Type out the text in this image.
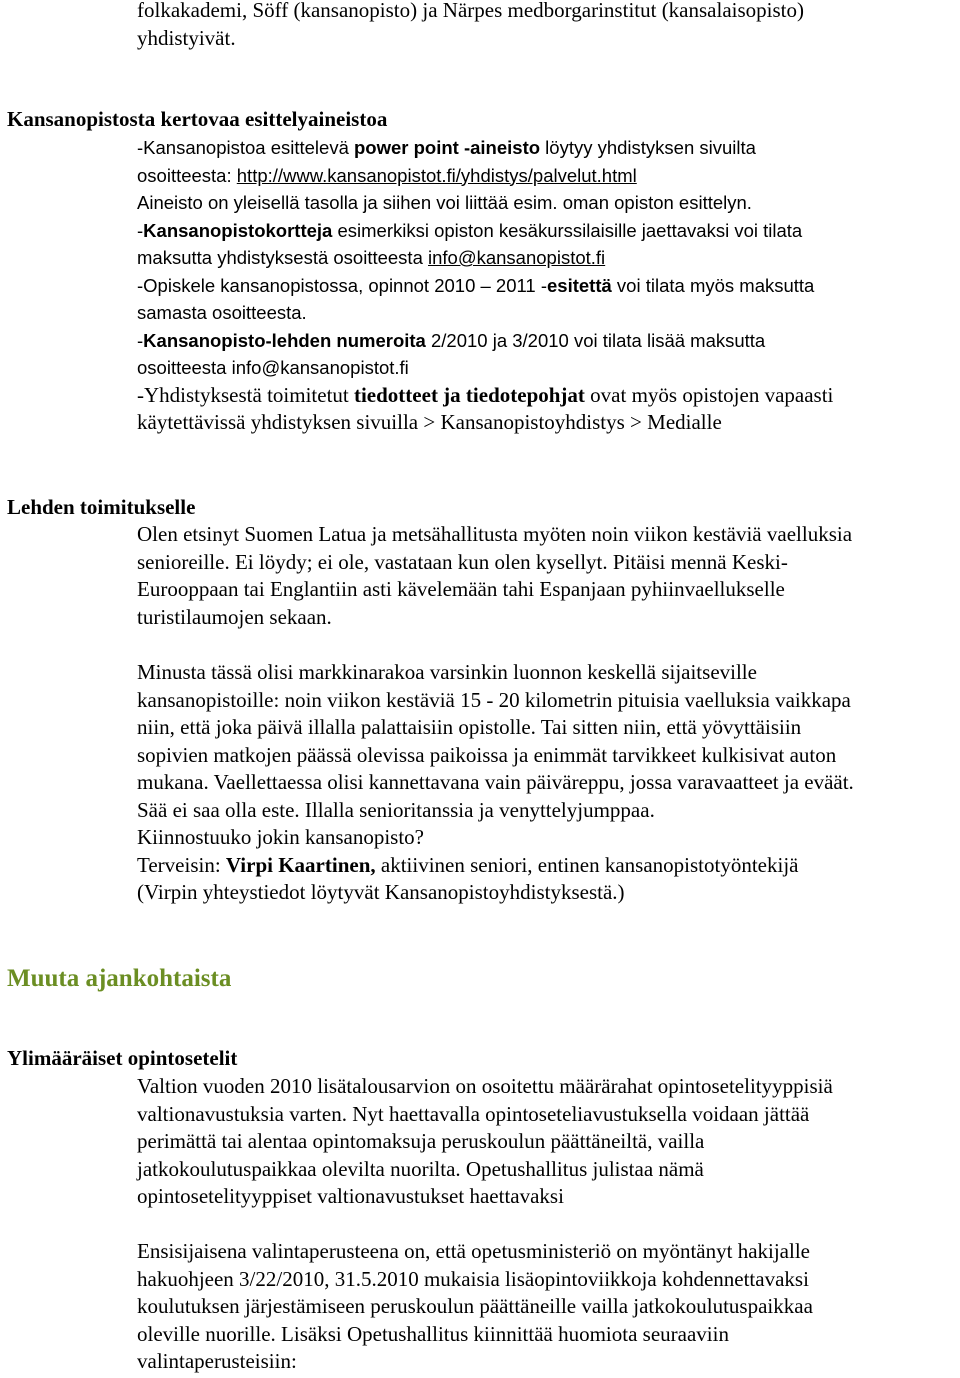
folkakademi, Söff (kansanopisto) ja Närpes medborgarinstitut (kansalaisopisto)
yhdistyivät.
Kansanopistosta kertovaa esittelyaineistoa
-Kansanopistoa esittelevä power point -aineisto löytyy yhdistyksen sivuilta
osoitteesta: http://www.kansanopistot.fi/yhdistys/palvelut.html
Aineisto on yleisellä tasolla ja siihen voi liittää esim. oman opiston esittelyn.
-Kansanopistokortteja esimerkiksi opiston kesäkurssilaisille jaettavaksi voi tilata
maksutta yhdistyksestä osoitteesta info@kansanopistot.fi
-Opiskele kansanopistossa, opinnot 2010 – 2011 -esitettä voi tilata myös maksutta
samasta osoitteesta.
-Kansanopisto-lehden numeroita 2/2010 ja 3/2010 voi tilata lisää maksutta
osoitteesta info@kansanopistot.fi
-Yhdistyksestä toimitetut tiedotteet ja tiedotepohjat ovat myös opistojen vapaasti
käytettävissä yhdistyksen sivuilla > Kansanopistoyhdistys > Medialle
Lehden toimitukselle
Olen etsinyt Suomen Latua ja metsähallitusta myöten noin viikon kestäviä vaelluksia
senioreille. Ei löydy; ei ole, vastataan kun olen kysellyt. Pitäisi mennä Keski-
Eurooppaan tai Englantiin asti kävelemään tahi Espanjaan pyhiinvaellukselle
turistilaumojen sekaan.
Minusta tässä olisi markkinarakoa varsinkin luonnon keskellä sijaitseville
kansanopistoille: noin viikon kestäviä 15 - 20 kilometrin pituisia vaelluksia vaikkapa
niin, että joka päivä illalla palattaisiin opistolle. Tai sitten niin, että yövyttäisiin
sopivien matkojen päässä olevissa paikoissa ja enimmät tarvikkeet kulkisivat auton
mukana. Vaellettaessa olisi kannettavana vain päiväreppu, jossa varavaatteet ja eväät.
Sää ei saa olla este. Illalla senioritanssia ja venyttelyjumppaa.
Kiinnostuuko jokin kansanopisto?
Terveisin: Virpi Kaartinen, aktiivinen seniori, entinen kansanopistotyöntekijä
(Virpin yhteystiedot löytyvät Kansanopistoyhdistyksestä.)
Muuta ajankohtaista
Ylimääräiset opintosetelit
Valtion vuoden 2010 lisätalousarvion on osoitettu määrärahat opintosetelityyppisiä
valtionavustuksia varten. Nyt haettavalla opintoseteliavustuksella voidaan jättää
perimättä tai alentaa opintomaksuja peruskoulun päättäneiltä, vailla
jatkokoulutuspaikkaa olevilta nuorilta. Opetushallitus julistaa nämä
opintosetelityyppiset valtionavustukset haettavaksi
Ensisijaisena valintaperusteena on, että opetusministeriö on myöntänyt hakijalle
hakuohjeen 3/22/2010, 31.5.2010 mukaisia lisäopintoviikkoja kohdennettavaksi
koulutuksen järjestämiseen peruskoulun päättäneille vailla jatkokoulutuspaikkaa
oleville nuorille. Lisäksi Opetushallitus kiinnittää huomiota seuraaviin
valintaperusteisiin:
